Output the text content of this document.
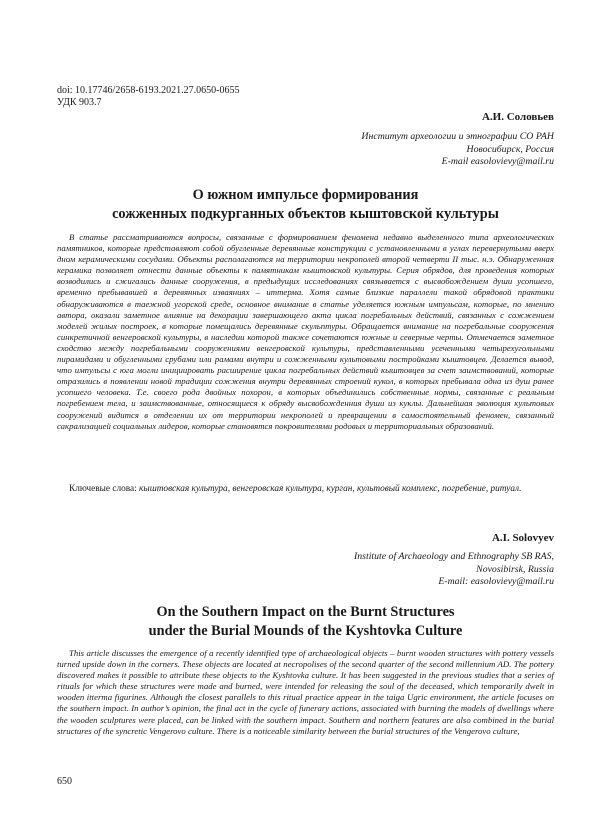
doi: 10.17746/2658-6193.2021.27.0650-0655
УДК 903.7
А.И. Соловьев
Институт археологии и этнографии СО РАН
Новосибирск, Россия
E-mail easolovievy@mail.ru
О южном импульсе формирования
сожженных подкурганных объектов кыштовской культуры
В статье рассматриваются вопросы, связанные с формированием феномена недавно выделенного типа археологических памятников, которые представляют собой обугленные деревянные конструкции с установленными в углах перевернутыми вверх дном керамическими сосудами. Объекты располагаются на территории некрополей второй четверти II тыс. н.э. Обнаруженная керамика позволяет отнести данные объекты к памятникам кыштовской культуры. Серия обрядов, для проведения которых возводились и сжигались данные сооружения, в предыдущих исследованиях связывается с высвобождением души усопшего, временно пребывавшей в деревянных изваяниях – иттерма. Хотя самые близкие параллели такой обрядовой практики обнаруживаются в таежной угорской среде, основное внимание в статье уделяется южным импульсам, которые, по мнению автора, оказали заметное влияние на декорации завершающего акта цикла погребальных действий, связанных с сожжением моделей жилых построек, в которые помещались деревянные скульптуры. Обращается внимание на погребальные сооружения синкретичной венгеровской культуры, в наследии которой также сочетаются южные и северные черты. Отмечается заметное сходство между погребальными сооружениями венгеровской культуры, представленными усеченными четырехугольными пирамидами и обугленными срубами или рамами внутри и сожженными культовыми постройками кыштовцев. Делается вывод, что импульсы с юга могли инициировать расширение цикла погребальных действий кыштовцев за счет заимствований, которые отразились в появлении новой традиции сожжения внутри деревянных строений кукол, в которых пребывала одна из душ ранее усопшего человека. Т.е. своего рода двойных похорон, в которых объединились собственные нормы, связанные с реальным погребением тела, и заимствованные, относящиеся к обряду высвобожденния души из куклы. Дальнейшая эволюция культовых сооружений видится в отделении их от территории некрополей и превращении в самостоятельный феномен, связанный сакрализацией социальных лидеров, которые становятся покровителями родовых и территориальных образований.
Ключевые слова: кыштовская культура, венгеровская культура, курган, культовый комплекс, погребение, ритуал.
A.I. Solovyev
Institute of Archaeology and Ethnography SB RAS,
Novosibirsk, Russia
E-mail: easolovievy@mail.ru
On the Southern Impact on the Burnt Structures
under the Burial Mounds of the Kyshtovka Culture
This article discusses the emergence of a recently identified type of archaeological objects – burnt wooden structures with pottery vessels turned upside down in the corners. These objects are located at necropolises of the second quarter of the second millennium AD. The pottery discovered makes it possible to attribute these objects to the Kyshtovka culture. It has been suggested in the previous studies that a series of rituals for which these structures were made and burned, were intended for releasing the soul of the deceased, which temporarily dwelt in wooden itterma figurines. Although the closest parallels to this ritual practice appear in the taiga Ugric environment, the article focuses on the southern impact. In author’s opinion, the final act in the cycle of funerary actions, associated with burning the models of dwellings where the wooden sculptures were placed, can be linked with the southern impact. Southern and northern features are also combined in the burial structures of the syncretic Vengerovo culture. There is a noticeable similarity between the burial structures of the Vengerovo culture,
650
